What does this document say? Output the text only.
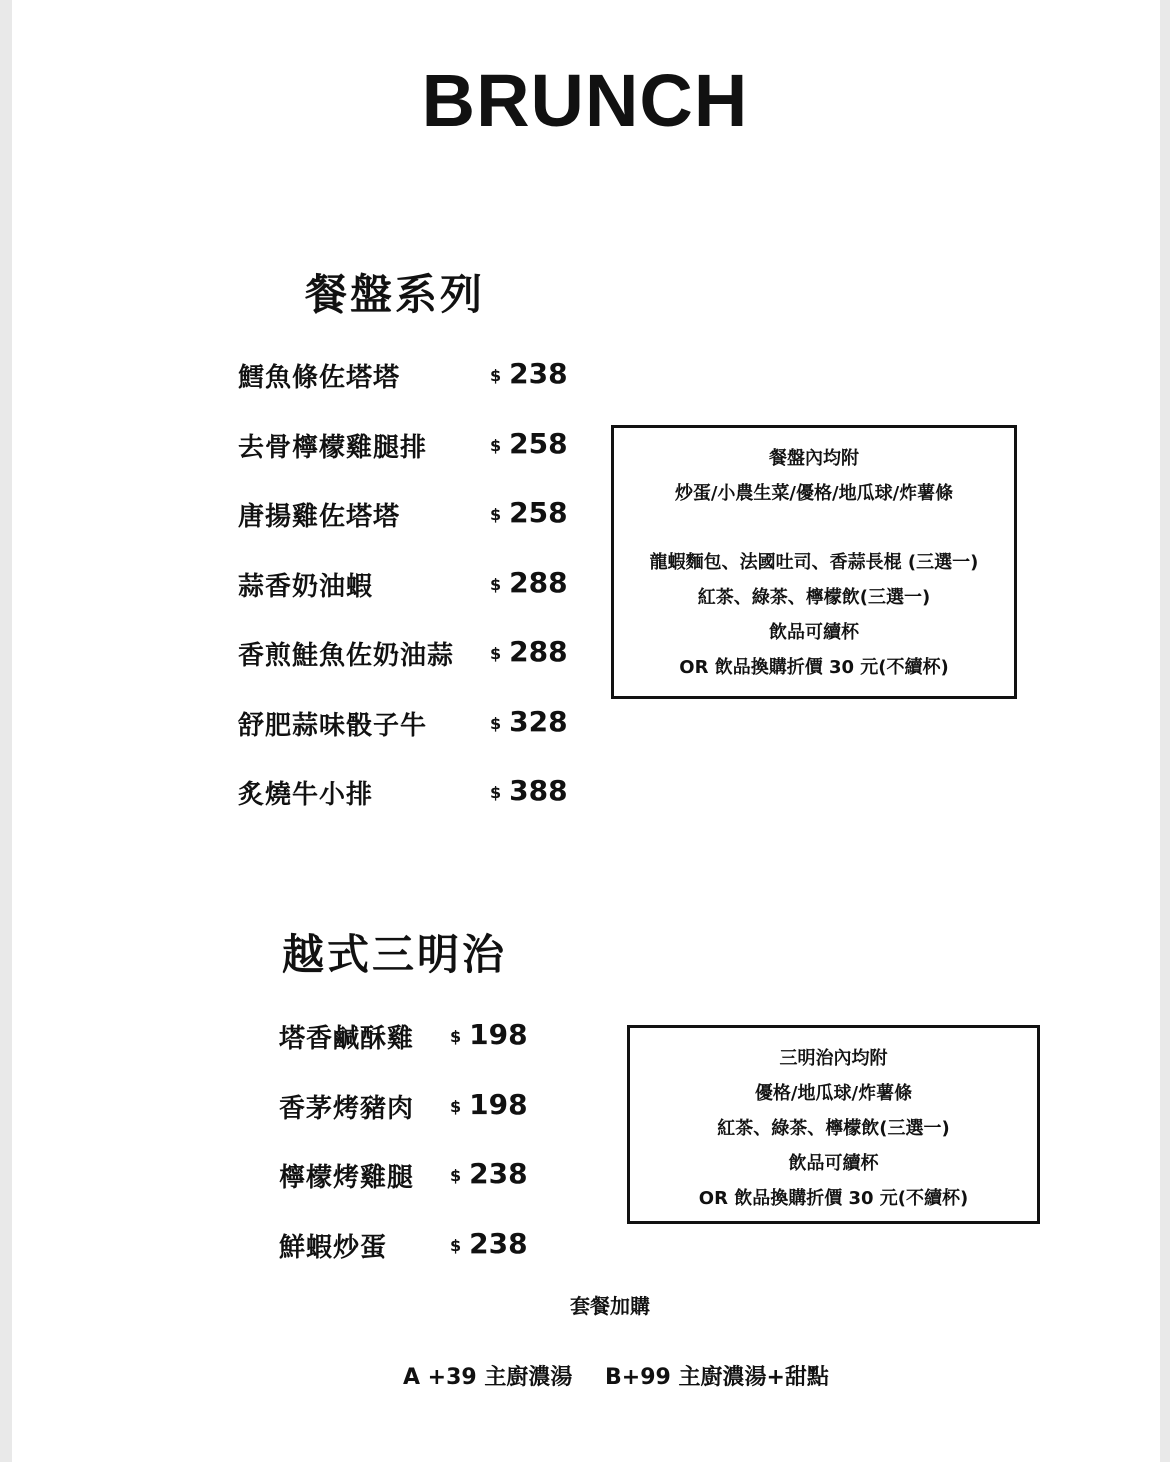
BRUNCH
餐盤系列
鱈魚條佐塔塔	$ 238
去骨檸檬雞腿排	$ 258
唐揚雞佐塔塔	$ 258
蒜香奶油蝦	$ 288
香煎鮭魚佐奶油蒜 $ 288
舒肥蒜味骰子牛	$ 328
炙燒牛小排	$ 388
餐盤內均附
炒蛋/小農生菜/優格/地瓜球/炸薯條
龍蝦麵包、法國吐司、香蒜長棍 (三選一)
紅茶、綠茶、檸檬飲(三選一)
飲品可續杯
OR 飲品換購折價 30 元(不續杯)
越式三明治
塔香鹹酥雞 $ 198
香茅烤豬肉 $ 198
檸檬烤雞腿 $ 238
鮮蝦炒蛋	$ 238
三明治內均附
優格/地瓜球/炸薯條
紅茶、綠茶、檸檬飲(三選一)
飲品可續杯
OR 飲品換購折價 30 元(不續杯)
套餐加購
A +39 主廚濃湯 B+99 主廚濃湯+甜點
